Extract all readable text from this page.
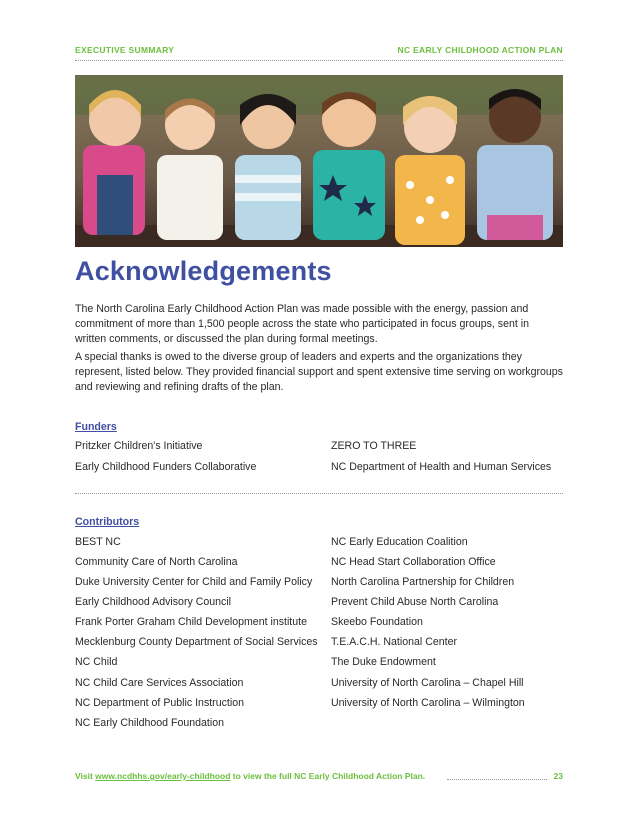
EXECUTIVE SUMMARY	NC EARLY CHILDHOOD ACTION PLAN
Acknowledgements

The North Carolina Early Childhood Action Plan was made possible with the energy, passion and commitment of more than 1,500 people across the state who participated in focus groups, sent in written comments, or discussed the plan during formal meetings.

A special thanks is owed to the diverse group of leaders and experts and the organizations they represent, listed below. They provided financial support and spent extensive time serving on workgroups and reviewing and refining drafts of the plan.

Funders
Pritzker Children's Initiative
Early Childhood Funders Collaborative
ZERO TO THREE
NC Department of Health and Human Services
Contributors
BEST NC
Community Care of North Carolina
Duke University Center for Child and Family Policy
Early Childhood Advisory Council
Frank Porter Graham Child Development institute
Mecklenburg County Department of Social Services
NC Child
NC Child Care Services Association
NC Department of Public Instruction
NC Early Childhood Foundation
NC Early Education Coalition
NC Head Start Collaboration Office
North Carolina Partnership for Children
Prevent Child Abuse North Carolina
Skeebo Foundation
T.E.A.C.H. National Center
The Duke Endowment
University of North Carolina – Chapel Hill
University of North Carolina – Wilmington
Visit www.ncdhhs.gov/early-childhood to view the full NC Early Childhood Action Plan.	23
